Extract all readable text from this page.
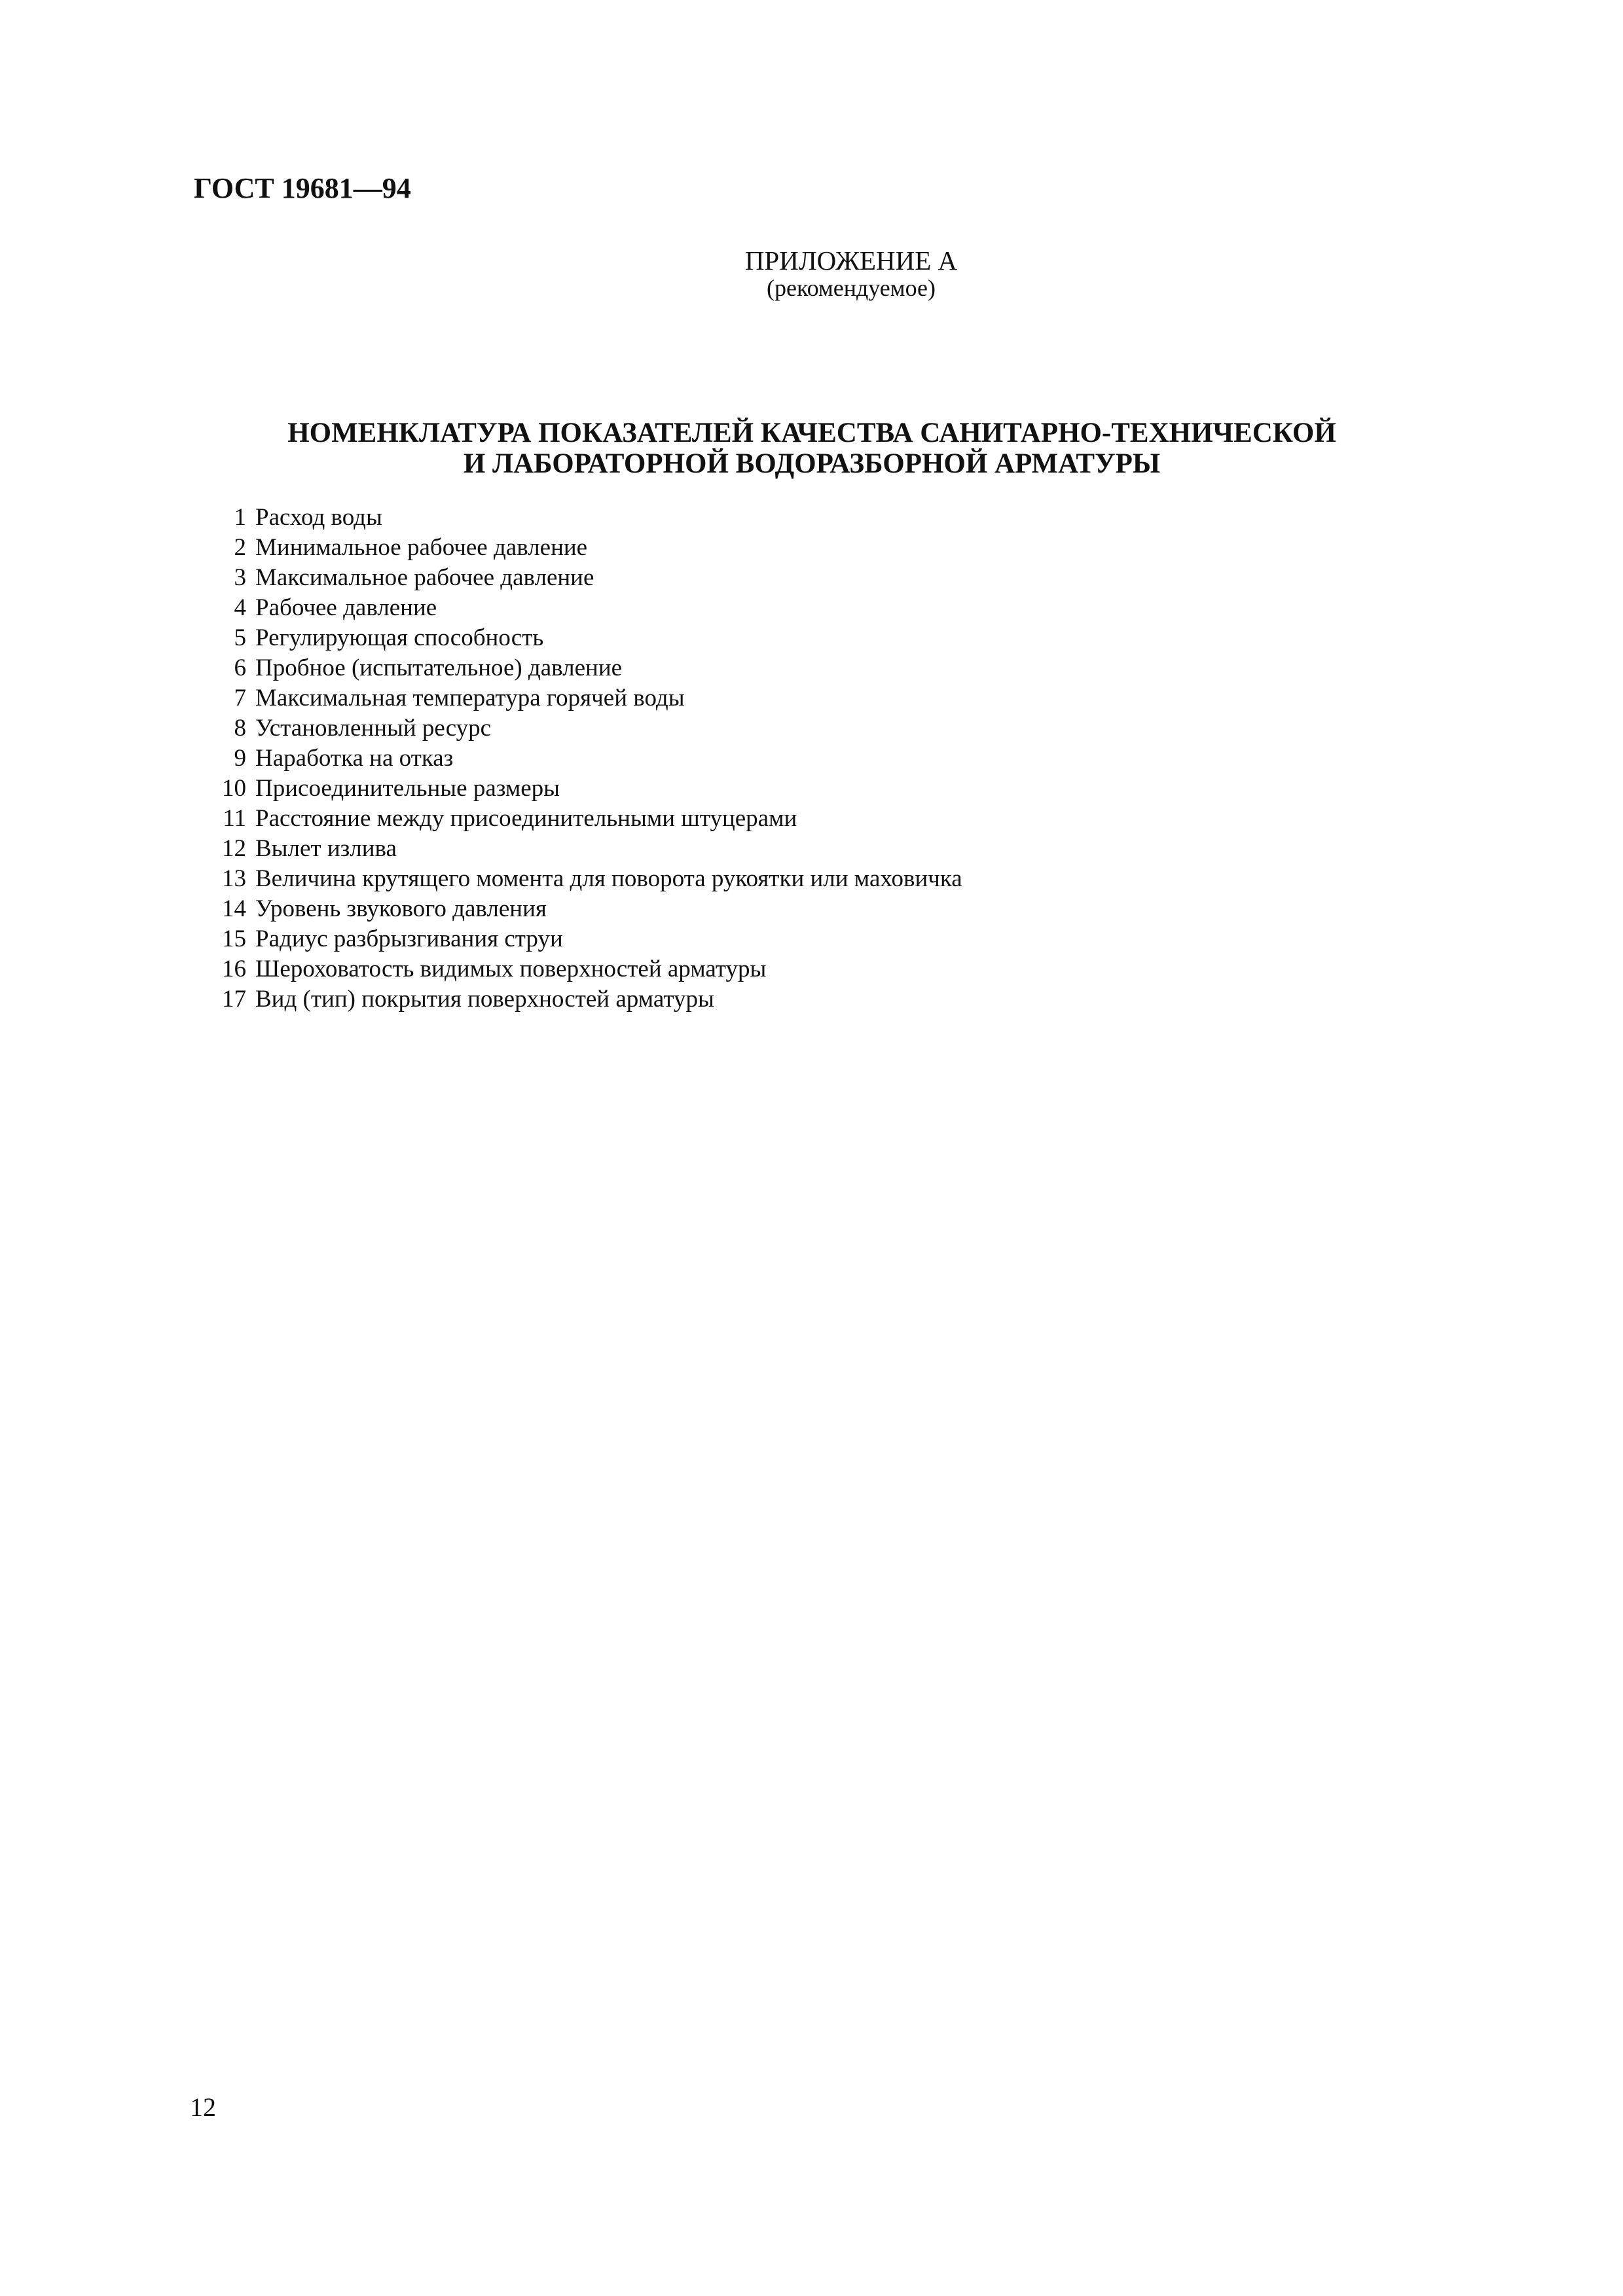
ГОСТ 19681—94
ПРИЛОЖЕНИЕ А
(рекомендуемое)
НОМЕНКЛАТУРА ПОКАЗАТЕЛЕЙ КАЧЕСТВА САНИТАРНО-ТЕХНИЧЕСКОЙ
И ЛАБОРАТОРНОЙ ВОДОРАЗБОРНОЙ АРМАТУРЫ
1 Расход воды
2 Минимальное рабочее давление
3 Максимальное рабочее давление
4 Рабочее давление
5 Регулирующая способность
6 Пробное (испытательное) давление
7 Максимальная температура горячей воды
8 Установленный ресурс
9 Наработка на отказ
10 Присоединительные размеры
11 Расстояние между присоединительными штуцерами
12 Вылет излива
13 Величина крутящего момента для поворота рукоятки или маховичка
14 Уровень звукового давления
15 Радиус разбрызгивания струи
16 Шероховатость видимых поверхностей арматуры
17 Вид (тип) покрытия поверхностей арматуры
12
